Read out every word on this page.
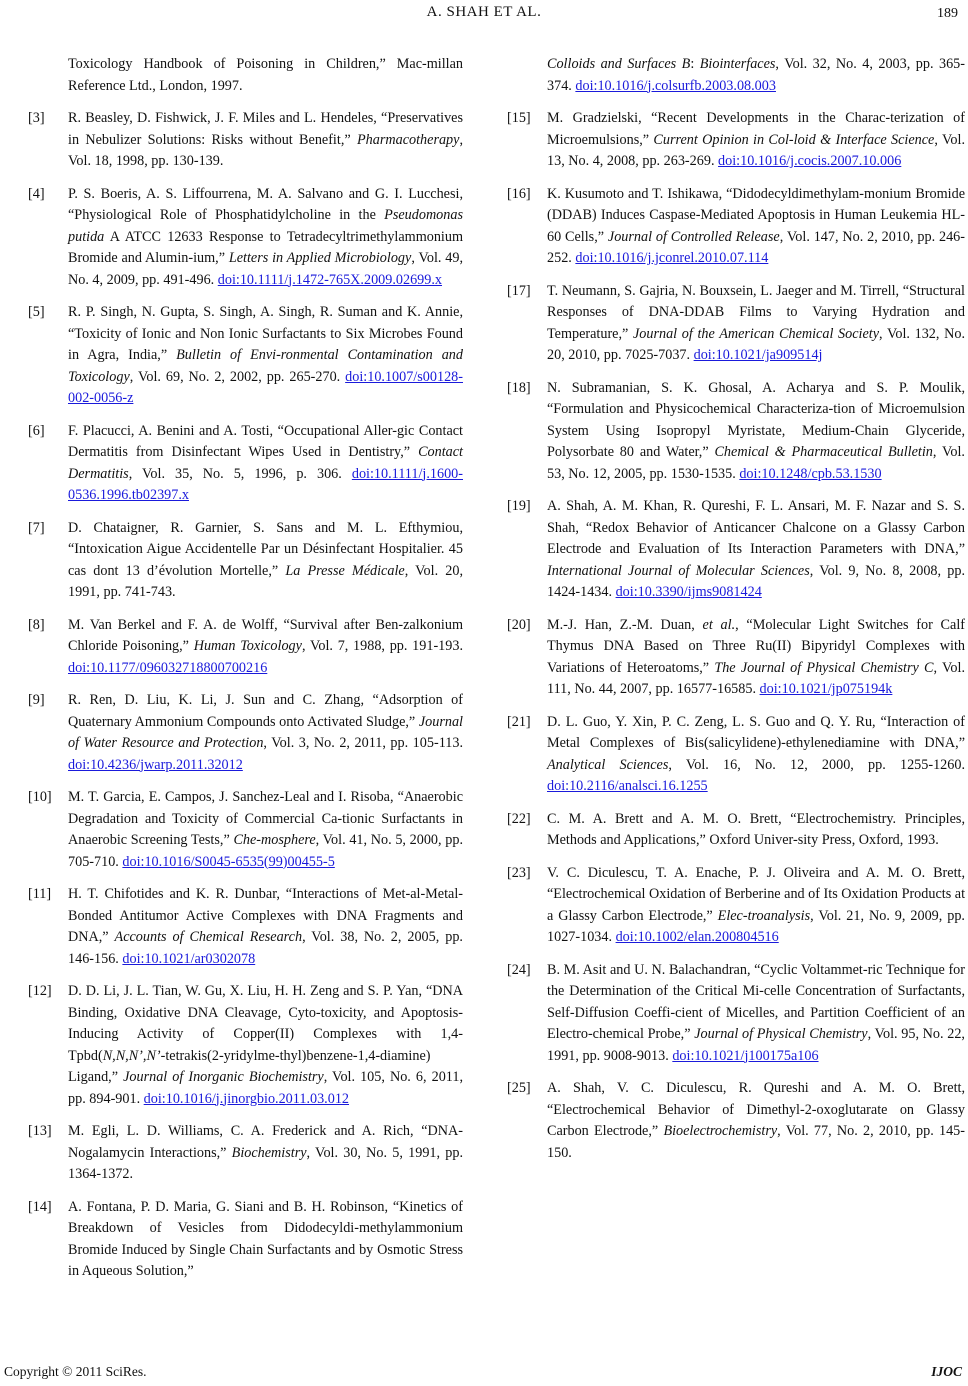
A. SHAH ET AL.	189
Toxicology Handbook of Poisoning in Children,” Mac-millan Reference Ltd., London, 1997.
[ 3 ]	R. Beasley, D. Fishwick, J. F. Miles and L. Hendeles, “Preservatives in Nebulizer Solutions: Risks without Benefit,” Pharmacotherapy, Vol. 18, 1998, pp. 130-139.
[ 4 ]	P. S. Boeris, A. S. Liffourrena, M. A. Salvano and G. I. Lucchesi, “Physiological Role of Phosphatidylcholine in the Pseudomonas putida A ATCC 12633 Response to Tetradecyltrimethylammonium Bromide and Alumin-ium,” Letters in Applied Microbiology, Vol. 49, No. 4, 2009, pp. 491-496. doi:10.1111/j.1472-765X.2009.02699.x
[ 5 ]	R. P. Singh, N. Gupta, S. Singh, A. Singh, R. Suman and K. Annie, “Toxicity of Ionic and Non Ionic Surfactants to Six Microbes Found in Agra, India,” Bulletin of Envi-ronmental Contamination and Toxicology, Vol. 69, No. 2, 2002, pp. 265-270. doi:10.1007/s00128-002-0056-z
[ 6 ]	F. Placucci, A. Benini and A. Tosti, “Occupational Aller-gic Contact Dermatitis from Disinfectant Wipes Used in Dentistry,” Contact Dermatitis, Vol. 35, No. 5, 1996, p. 306. doi:10.1111/j.1600-0536.1996.tb02397.x
[ 7 ]	D. Chataigner, R. Garnier, S. Sans and M. L. Efthymiou, “Intoxication Aigue Accidentelle Par un Désinfectant Hospitalier. 45 cas dont 13 d’évolution Mortelle,” La Presse Médicale, Vol. 20, 1991, pp. 741-743.
[ 8 ]	M. Van Berkel and F. A. de Wolff, “Survival after Ben-zalkonium Chloride Poisoning,” Human Toxicology, Vol. 7, 1988, pp. 191-193. doi:10.1177/096032718800700216
[ 9 ]	R. Ren, D. Liu, K. Li, J. Sun and C. Zhang, “Adsorption of Quaternary Ammonium Compounds onto Activated Sludge,” Journal of Water Resource and Protection, Vol. 3, No. 2, 2011, pp. 105-113. doi:10.4236/jwarp.2011.32012
[ 10 ]	M. T. Garcia, E. Campos, J. Sanchez-Leal and I. Risoba, “Anaerobic Degradation and Toxicity of Commercial Ca-tionic Surfactants in Anaerobic Screening Tests,” Che-mosphere, Vol. 41, No. 5, 2000, pp. 705-710. doi:10.1016/S0045-6535(99)00455-5
[ 11 ]	H. T. Chifotides and K. R. Dunbar, “Interactions of Met-al-Metal-Bonded Antitumor Active Complexes with DNA Fragments and DNA,” Accounts of Chemical Research, Vol. 38, No. 2, 2005, pp. 146-156. doi:10.1021/ar0302078
[ 12 ]	D. D. Li, J. L. Tian, W. Gu, X. Liu, H. H. Zeng and S. P. Yan, “DNA Binding, Oxidative DNA Cleavage, Cyto-toxicity, and Apoptosis-Inducing Activity of Copper(II) Complexes with 1,4-Tpbd(N,N,N’,N’-tetrakis(2-yridylme-thyl)benzene-1,4-diamine) Ligand,” Journal of Inorganic Biochemistry, Vol. 105, No. 6, 2011, pp. 894-901. doi:10.1016/j.jinorgbio.2011.03.012
[ 13 ]	M. Egli, L. D. Williams, C. A. Frederick and A. Rich, “DNA-Nogalamycin Interactions,” Biochemistry, Vol. 30, No. 5, 1991, pp. 1364-1372.
[ 14 ]	A. Fontana, P. D. Maria, G. Siani and B. H. Robinson, “Kinetics of Breakdown of Vesicles from Didodecyldi-methylammonium Bromide Induced by Single Chain Surfactants and by Osmotic Stress in Aqueous Solution,”
Colloids and Surfaces B: Biointerfaces, Vol. 32, No. 4, 2003, pp. 365-374. doi:10.1016/j.colsurfb.2003.08.003
[ 15 ]	M. Gradzielski, “Recent Developments in the Charac-terization of Microemulsions,” Current Opinion in Col-loid & Interface Science, Vol. 13, No. 4, 2008, pp. 263-269. doi:10.1016/j.cocis.2007.10.006
[ 16 ]	K. Kusumoto and T. Ishikawa, “Didodecyldimethylam-monium Bromide (DDAB) Induces Caspase-Mediated Apoptosis in Human Leukemia HL-60 Cells,” Journal of Controlled Release, Vol. 147, No. 2, 2010, pp. 246-252. doi:10.1016/j.jconrel.2010.07.114
[ 17 ]	T. Neumann, S. Gajria, N. Bouxsein, L. Jaeger and M. Tirrell, “Structural Responses of DNA-DDAB Films to Varying Hydration and Temperature,” Journal of the American Chemical Society, Vol. 132, No. 20, 2010, pp. 7025-7037. doi:10.1021/ja909514j
[ 18 ]	N. Subramanian, S. K. Ghosal, A. Acharya and S. P. Moulik, “Formulation and Physicochemical Characteriza-tion of Microemulsion System Using Isopropyl Myristate, Medium-Chain Glyceride, Polysorbate 80 and Water,” Chemical & Pharmaceutical Bulletin, Vol. 53, No. 12, 2005, pp. 1530-1535. doi:10.1248/cpb.53.1530
[ 19 ]	A. Shah, A. M. Khan, R. Qureshi, F. L. Ansari, M. F. Nazar and S. S. Shah, “Redox Behavior of Anticancer Chalcone on a Glassy Carbon Electrode and Evaluation of Its Interaction Parameters with DNA,” International Journal of Molecular Sciences, Vol. 9, No. 8, 2008, pp. 1424-1434. doi:10.3390/ijms9081424
[ 20 ]	M.-J. Han, Z.-M. Duan, et al., “Molecular Light Switches for Calf Thymus DNA Based on Three Ru(II) Bipyridyl Complexes with Variations of Heteroatoms,” The Journal of Physical Chemistry C, Vol. 111, No. 44, 2007, pp. 16577-16585. doi:10.1021/jp075194k
[ 21 ]	D. L. Guo, Y. Xin, P. C. Zeng, L. S. Guo and Q. Y. Ru, “Interaction of Metal Complexes of Bis(salicylidene)-ethylenediamine with DNA,” Analytical Sciences, Vol. 16, No. 12, 2000, pp. 1255-1260. doi:10.2116/analsci.16.1255
[ 22 ]	C. M. A. Brett and A. M. O. Brett, “Electrochemistry. Principles, Methods and Applications,” Oxford Univer-sity Press, Oxford, 1993.
[ 23 ]	V. C. Diculescu, T. A. Enache, P. J. Oliveira and A. M. O. Brett, “Electrochemical Oxidation of Berberine and of Its Oxidation Products at a Glassy Carbon Electrode,” Elec-troanalysis, Vol. 21, No. 9, 2009, pp. 1027-1034. doi:10.1002/elan.200804516
[ 24 ]	B. M. Asit and U. N. Balachandran, “Cyclic Voltammet-ric Technique for the Determination of the Critical Mi-celle Concentration of Surfactants, Self-Diffusion Coeffi-cient of Micelles, and Partition Coefficient of an Electro-chemical Probe,” Journal of Physical Chemistry, Vol. 95, No. 22, 1991, pp. 9008-9013. doi:10.1021/j100175a106
[ 25 ]	A. Shah, V. C. Diculescu, R. Qureshi and A. M. O. Brett, “Electrochemical Behavior of Dimethyl-2-oxoglutarate on Glassy Carbon Electrode,” Bioelectrochemistry, Vol. 77, No. 2, 2010, pp. 145-150.
Copyright © 2011 SciRes.	IJOC
